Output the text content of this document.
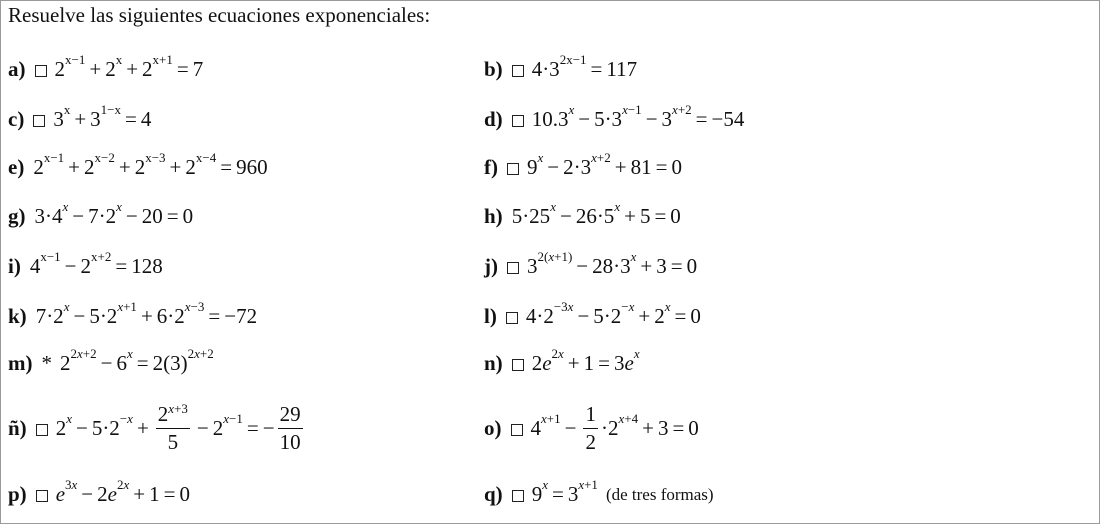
Resuelve las siguientes ecuaciones exponenciales:
a) $2^{x-1} + 2^x + 2^{x+1} = 7$	b) $4\cdot 3^{2x-1} = 117$
c) $3^x + 3^{1-x} = 4$	d) 10.3 $^x$ − 5·3 $^{x-1}$ − 3 $^{x+2}$ = −54
e) $2^{x-1} + 2^{x-2} + 2^{x-3} + 2^{x-4} = 960$	f) 9 $^x$ − 2·3 $^{x+2}$ + 81 = 0
g) 3·4 $^x$ − 7·2 $^x$ − 20 = 0	h) 5·25 $^x$ − 26·5 $^x$ + 5 = 0
i) $4^{x-1} - 2^{x+2} = 128$	j) $3^{2(x+1)} - 28\cdot 3$ $^x$ + 3 = 0
k) 7·2 $^x$ − 5·2 $^{x+1}$ + 6·2 $^{x-3}$ = −72	l) $4\cdot 2^{-3x} - 5\cdot 2^{-x} + 2$ $^x$ = 0
$m) * 2^{2x+2} - 6$ $^x = 2(3)^{2x+2}$	n) 2 $e^{2x} + 1 = 3$ e $^x$
ñ) 2 $^x - 5\cdot 2^{-x} + \frac{2^{x+3}}{5} - 2$ $^{x-1}$ = − $\frac{29}{10}$	o) 4 $^{x+1} - \frac{1}{2} \cdot 2$ $^{x+4}$ + 3 = 0
p) $e^{3x} - 2$ $e^{2x} + 1 = 0$	q) 9 $^x$ = 3 $^{x+1}$
(de tres formas)
